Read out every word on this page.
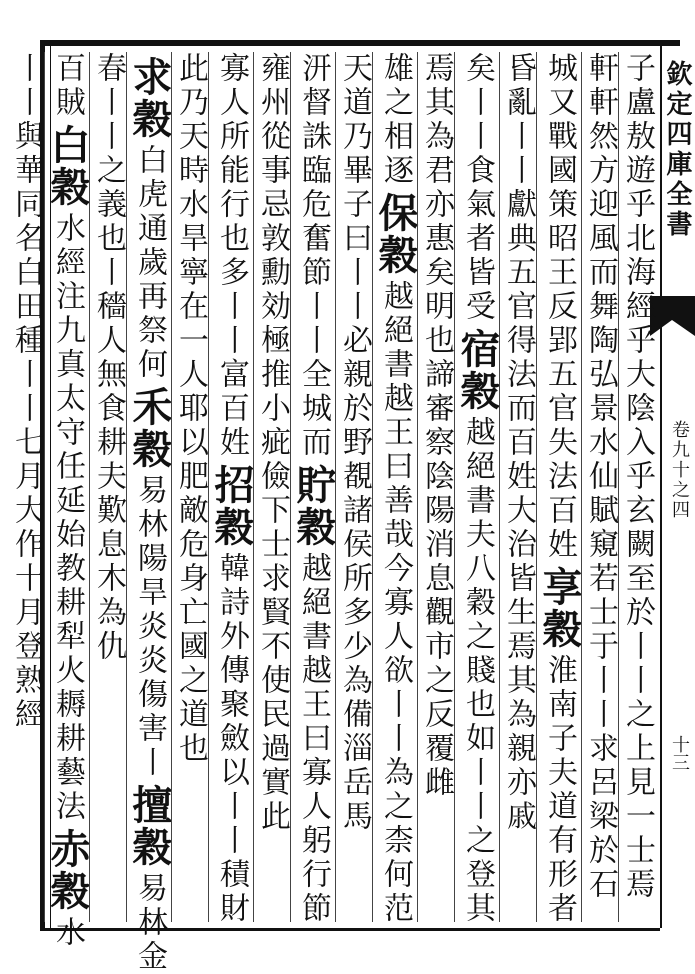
欽定四庫全書
卷九十之四
十三
子盧敖遊乎北海經乎大陰入乎玄闕至於丨丨之上見一士焉
軒軒然方迎風而舞陶弘景水仙賦窺若士于丨丨求呂梁於石
城又戰國策昭王反郢五官失法百姓
享穀
淮南子夫道有形者
昏亂丨丨獻典五官得法而百姓大治
皆生焉其為親亦戚
矣丨丨食氣者皆受
宿穀
越絕書夫八穀之賤也如丨丨之登其
焉其為君亦惠矣
明也諦審察陰陽消息觀市之反覆雌
雄之相逐
保穀
越絕書越王曰善哉今寡人欲丨丨為之柰何范
天道乃畢
子曰丨丨必親於野覩諸侯所多少為備淄岳馬
汧督誅臨危奮節丨丨全城而
貯穀
越絕書越王曰寡人躬行節
雍州從事忌敦勳効極推小疵
儉下士求賢不使民過實此
寡人所能行也多丨丨富百姓
招穀
韓詩外傳聚斂以丨丨積財
此乃天時水旱寧在一人耶
以肥敵危身亡國之道也
求穀
白虎通歲再祭何
禾穀
易林陽旱炎炎傷害丨
擅穀
易林金
春丨丨之義也
丨穡人無食耕夫歎息
木為仇
百賊
白穀
水經注九真太守任延始教耕犁火耨耕藝法
赤穀
水
丨丨
與華同名白田種丨丨七月大作十月登熟
經
